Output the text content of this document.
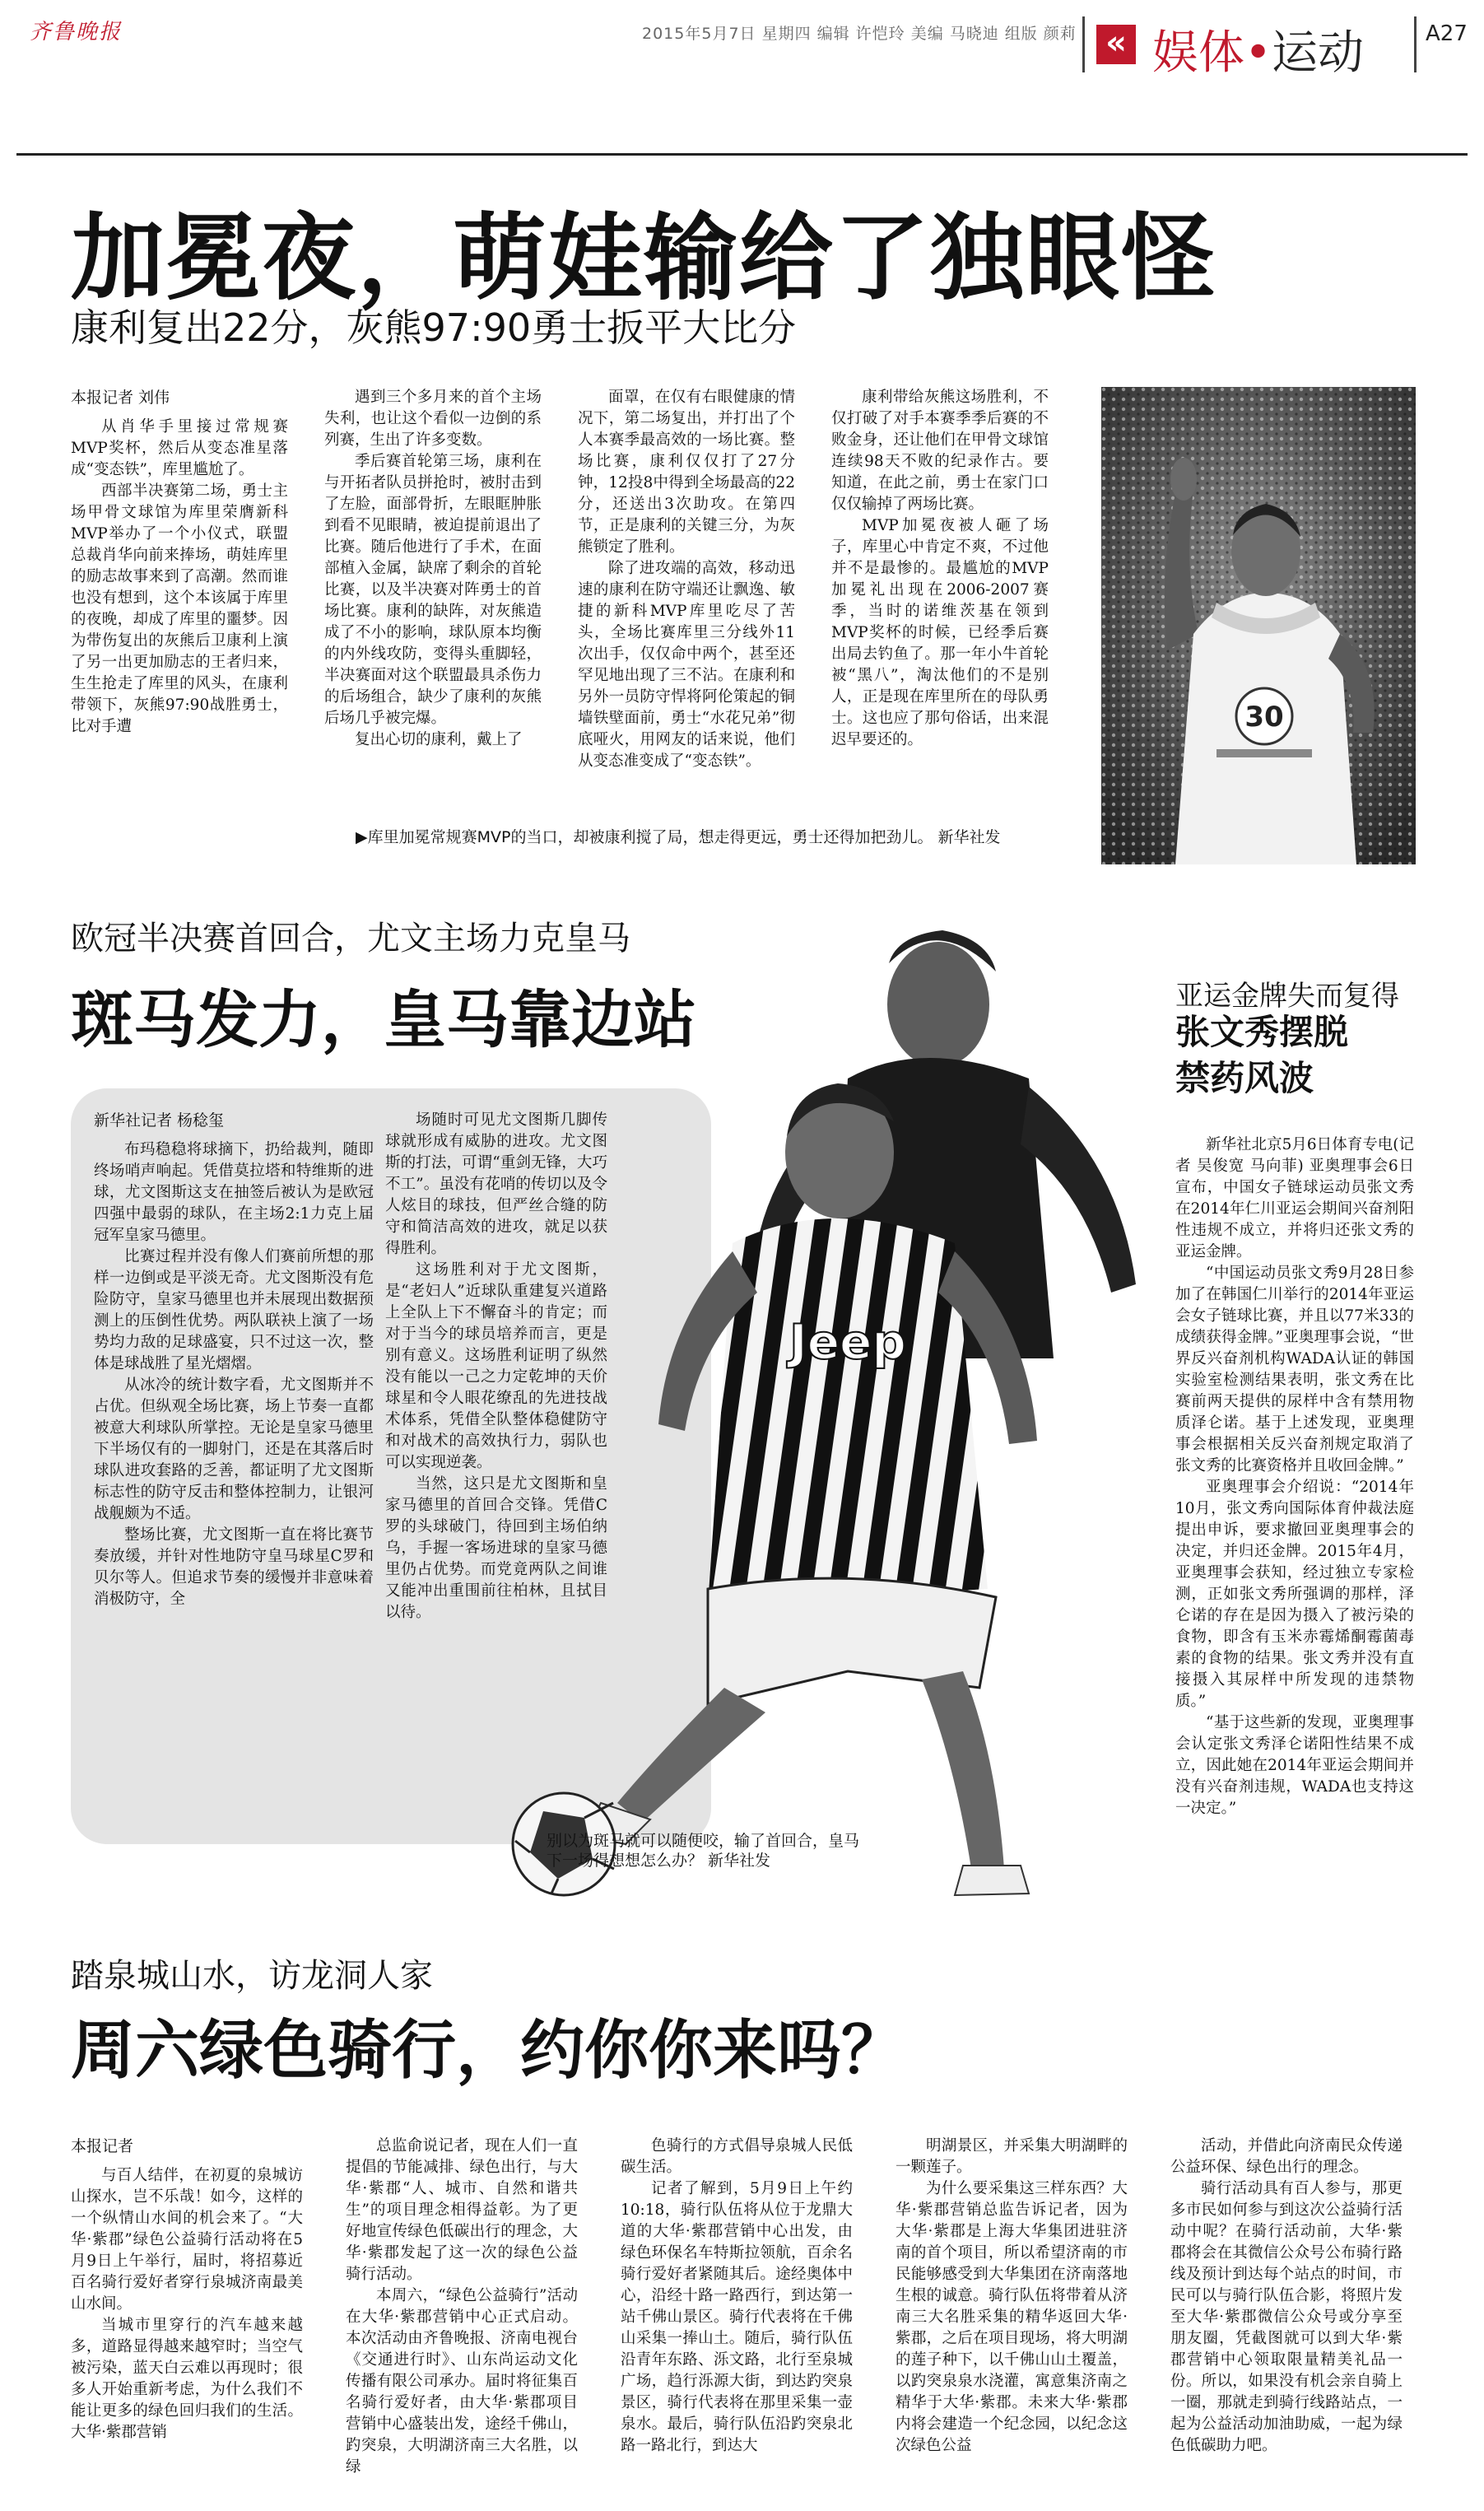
齐鲁晚报	2015年5月7日 星期四 编辑 许恺玲 美编 马晓迪 组版 颜莉 « 娱体•运动	A27
加冕夜，萌娃输给了独眼怪
康利复出22分，灰熊97:90勇士扳平大比分
本报记者 刘伟

从肖华手里接过常规赛MVP奖杯，然后从变态准星落成“变态铁”，库里尴尬了。

西部半决赛第二场，勇士主场甲骨文球馆为库里荣膺新科MVP举办了一个小仪式，联盟总裁肖华向前来捧场，萌娃库里的励志故事来到了高潮。然而谁也没有想到，这个本该属于库里的夜晚，却成了库里的噩梦。因为带伤复出的灰熊后卫康利上演了另一出更加励志的王者归来，生生抢走了库里的风头，在康利带领下，灰熊97:90战胜勇士，比对手遭

遇到三个多月来的首个主场失利，也让这个看似一边倒的系列赛，生出了许多变数。

季后赛首轮第三场，康利在与开拓者队员拼抢时，被肘击到了左脸，面部骨折，左眼眶肿胀到看不见眼睛，被迫提前退出了比赛。随后他进行了手术，在面部植入金属，缺席了剩余的首轮比赛，以及半决赛对阵勇士的首场比赛。康利的缺阵，对灰熊造成了不小的影响，球队原本均衡的内外线攻防，变得头重脚轻，半决赛面对这个联盟最具杀伤力的后场组合，缺少了康利的灰熊后场几乎被完爆。

复出心切的康利，戴上了

面罩，在仅有右眼健康的情况下，第二场复出，并打出了个人本赛季最高效的一场比赛。整场比赛，康利仅仅打了27分钟，12投8中得到全场最高的22分，还送出3次助攻。在第四节，正是康利的关键三分，为灰熊锁定了胜利。

除了进攻端的高效，移动迅速的康利在防守端还让飘逸、敏捷的新科MVP库里吃尽了苦头，全场比赛库里三分线外11次出手，仅仅命中两个，甚至还罕见地出现了三不沾。在康利和另外一员防守悍将阿伦策起的铜墙铁壁面前，勇士“水花兄弟”彻底哑火，用网友的话来说，他们从变态准变成了“变态铁”。

康利带给灰熊这场胜利，不仅打破了对手本赛季季后赛的不败金身，还让他们在甲骨文球馆连续98天不败的纪录作古。要知道，在此之前，勇士在家门口仅仅输掉了两场比赛。

MVP加冕夜被人砸了场子，库里心中肯定不爽，不过他并不是最惨的。最尴尬的MVP加冕礼出现在2006-2007赛季，当时的诺维茨基在领到MVP奖杯的时候，已经季后赛出局去钓鱼了。那一年小牛首轮被“黑八”，淘汰他们的不是别人，正是现在库里所在的母队勇士。这也应了那句俗话，出来混迟早要还的。

30
▶库里加冕常规赛MVP的当口，却被康利搅了局，想走得更远，勇士还得加把劲儿。 新华社发
欧冠半决赛首回合，尤文主场力克皇马
斑马发力，皇马靠边站
新华社记者 杨稔玺

布玛稳稳将球摘下，扔给裁判，随即终场哨声响起。凭借莫拉塔和特维斯的进球，尤文图斯这支在抽签后被认为是欧冠四强中最弱的球队，在主场2:1力克上届冠军皇家马德里。

比赛过程并没有像人们赛前所想的那样一边倒或是平淡无奇。尤文图斯没有危险防守，皇家马德里也并未展现出数据预测上的压倒性优势。两队联袂上演了一场势均力敌的足球盛宴，只不过这一次，整体是球战胜了星光熠熠。

从冰冷的统计数字看，尤文图斯并不占优。但纵观全场比赛，场上节奏一直都被意大利球队所掌控。无论是皇家马德里下半场仅有的一脚射门，还是在其落后时球队进攻套路的乏善，都证明了尤文图斯标志性的防守反击和整体控制力，让银河战舰颇为不适。

整场比赛，尤文图斯一直在将比赛节奏放缓，并针对性地防守皇马球星C罗和贝尔等人。但追求节奏的缓慢并非意味着消极防守，全

场随时可见尤文图斯几脚传球就形成有威胁的进攻。尤文图斯的打法，可谓“重剑无锋，大巧不工”。虽没有花哨的传切以及令人炫目的球技，但严丝合缝的防守和简洁高效的进攻，就足以获得胜利。

这场胜利对于尤文图斯，是“老妇人”近球队重建复兴道路上全队上下不懈奋斗的肯定；而对于当今的球员培养而言，更是别有意义。这场胜利证明了纵然没有能以一己之力定乾坤的天价球星和令人眼花缭乱的先进技战术体系，凭借全队整体稳健防守和对战术的高效执行力，弱队也可以实现逆袭。

当然，这只是尤文图斯和皇家马德里的首回合交锋。凭借C罗的头球破门，待回到主场伯纳乌，手握一客场进球的皇家马德里仍占优势。而党竟两队之间谁又能冲出重围前往柏林，且拭目以待。

Jeep
别以为斑马就可以随便咬，输了首回合，皇马下一场得想想怎么办？ 新华社发
亚运金牌失而复得
张文秀摆脱
禁药风波

新华社北京5月6日体育专电(记者 吴俊宽 马向菲) 亚奥理事会6日宣布，中国女子链球运动员张文秀在2014年仁川亚运会期间兴奋剂阳性违规不成立，并将归还张文秀的亚运金牌。

“中国运动员张文秀9月28日参加了在韩国仁川举行的2014年亚运会女子链球比赛，并且以77米33的成绩获得金牌。”亚奥理事会说，“世界反兴奋剂机构WADA认证的韩国实验室检测结果表明，张文秀在比赛前两天提供的尿样中含有禁用物质泽仑诺。基于上述发现，亚奥理事会根据相关反兴奋剂规定取消了张文秀的比赛资格并且收回金牌。”

亚奥理事会介绍说：“2014年10月，张文秀向国际体育仲裁法庭提出申诉，要求撤回亚奥理事会的决定，并归还金牌。2015年4月，亚奥理事会获知，经过独立专家检测，正如张文秀所强调的那样，泽仑诺的存在是因为摄入了被污染的食物，即含有玉米赤霉烯酮霉菌毒素的食物的结果。张文秀并没有直接摄入其尿样中所发现的违禁物质。”

“基于这些新的发现，亚奥理事会认定张文秀泽仑诺阳性结果不成立，因此她在2014年亚运会期间并没有兴奋剂违规，WADA也支持这一决定。”

踏泉城山水，访龙洞人家
周六绿色骑行，约你你来吗？
本报记者

与百人结伴，在初夏的泉城访山探水，岂不乐哉！如今，这样的一个纵情山水间的机会来了。“大华·紫郡”绿色公益骑行活动将在5月9日上午举行，届时，将招募近百名骑行爱好者穿行泉城济南最美山水间。

当城市里穿行的汽车越来越多，道路显得越来越窄时；当空气被污染，蓝天白云难以再现时；很多人开始重新考虑，为什么我们不能让更多的绿色回归我们的生活。大华·紫郡营销

总监俞说记者，现在人们一直提倡的节能减排、绿色出行，与大华·紫郡“人、城市、自然和谐共生”的项目理念相得益彰。为了更好地宣传绿色低碳出行的理念，大华·紫郡发起了这一次的绿色公益骑行活动。

本周六，“绿色公益骑行”活动在大华·紫郡营销中心正式启动。本次活动由齐鲁晚报、济南电视台《交通进行时》、山东尚运动文化传播有限公司承办。届时将征集百名骑行爱好者，由大华·紫郡项目营销中心盛装出发，途经千佛山，趵突泉，大明湖济南三大名胜，以绿

色骑行的方式倡导泉城人民低碳生活。

记者了解到，5月9日上午约10:18，骑行队伍将从位于龙鼎大道的大华·紫郡营销中心出发，由绿色环保名车特斯拉领航，百余名骑行爱好者紧随其后。途经奥体中心，沿经十路一路西行，到达第一站千佛山景区。骑行代表将在千佛山采集一捧山土。随后，骑行队伍沿青年东路、泺文路，北行至泉城广场，趋行泺源大街，到达趵突泉景区，骑行代表将在那里采集一壶泉水。最后，骑行队伍沿趵突泉北路一路北行，到达大

明湖景区，并采集大明湖畔的一颗莲子。

为什么要采集这三样东西？大华·紫郡营销总监告诉记者，因为大华·紫郡是上海大华集团进驻济南的首个项目，所以希望济南的市民能够感受到大华集团在济南落地生根的诚意。骑行队伍将带着从济南三大名胜采集的精华返回大华·紫郡，之后在项目现场，将大明湖的莲子种下，以千佛山山土覆盖，以趵突泉泉水浇灌，寓意集济南之精华于大华·紫郡。未来大华·紫郡内将会建造一个纪念园，以纪念这次绿色公益

活动，并借此向济南民众传递公益环保、绿色出行的理念。

骑行活动具有百人参与，那更多市民如何参与到这次公益骑行活动中呢？在骑行活动前，大华·紫郡将会在其微信公众号公布骑行路线及预计到达每个站点的时间，市民可以与骑行队伍合影，将照片发至大华·紫郡微信公众号或分享至朋友圈，凭截图就可以到大华·紫郡营销中心领取限量精美礼品一份。所以，如果没有机会亲自骑上一圈，那就走到骑行线路站点，一起为公益活动加油助威，一起为绿色低碳助力吧。
